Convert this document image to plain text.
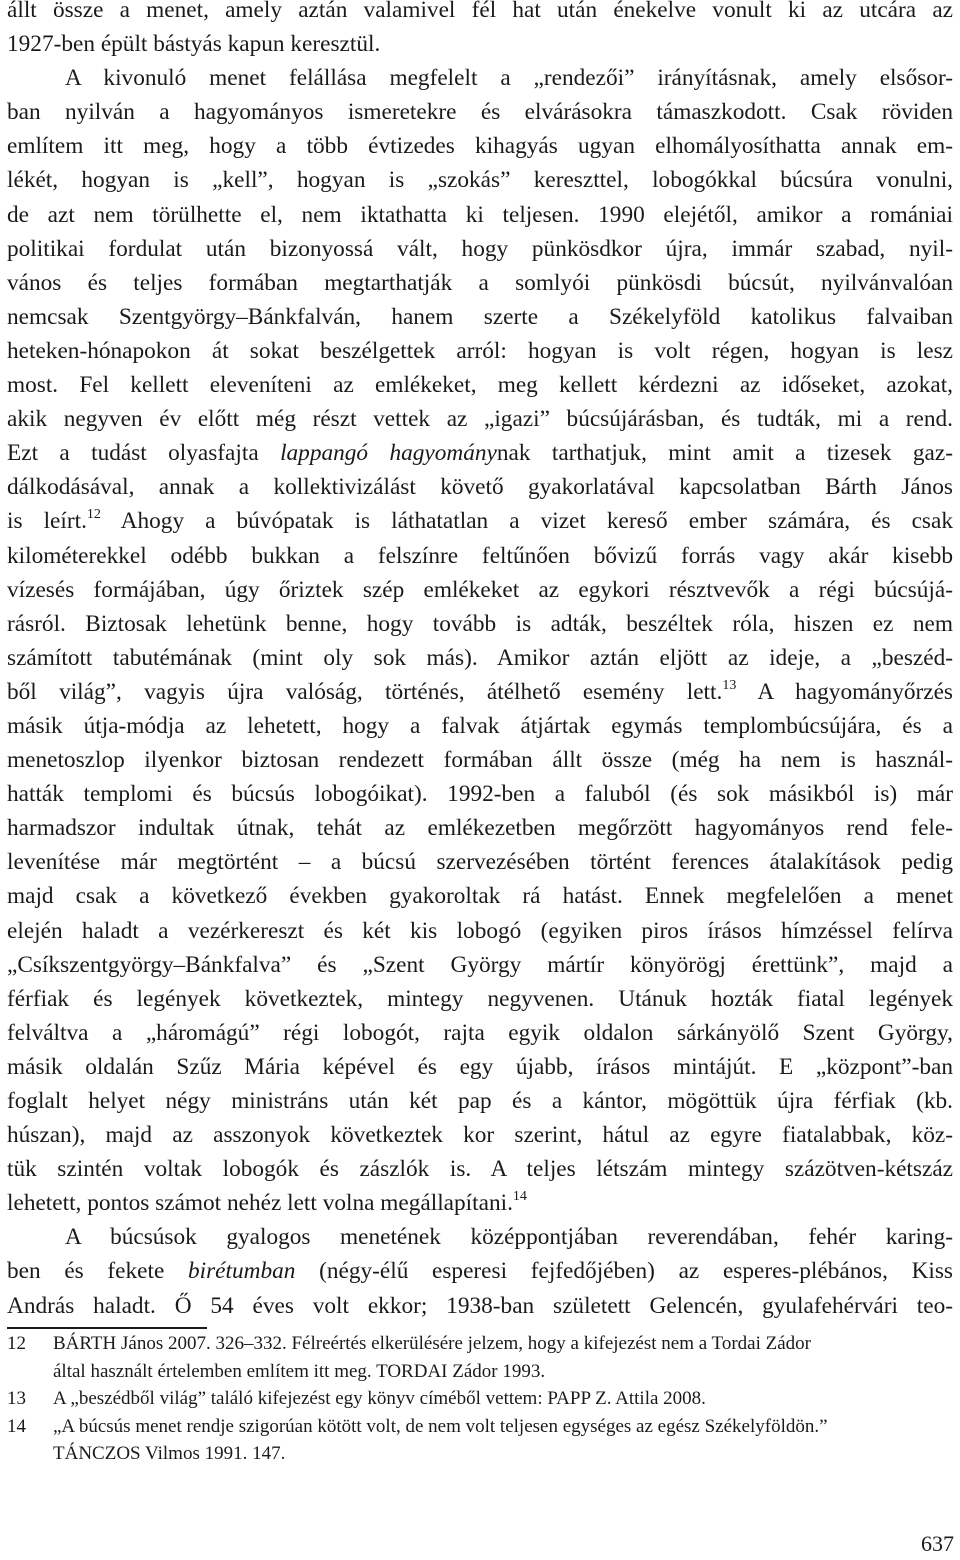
állt össze a menet, amely aztán valamivel fél hat után énekelve vonult ki az utcára az
1927-ben épült bástyás kapun keresztül.
A kivonuló menet felállása megfelelt a „rendezői” irányításnak, amely elsősor-
ban nyilván a hagyományos ismeretekre és elvárásokra támaszkodott. Csak röviden
említem itt meg, hogy a több évtizedes kihagyás ugyan elhomályosíthatta annak em-
lékét, hogyan is „kell”, hogyan is „szokás” kereszttel, lobogókkal búcsúra vonulni,
de azt nem törülhette el, nem iktathatta ki teljesen. 1990 elejétől, amikor a romániai
politikai fordulat után bizonyossá vált, hogy pünkösdkor újra, immár szabad, nyil-
vános és teljes formában megtarthatják a somlyói pünkösdi búcsút, nyilvánvalóan
nemcsak Szentgyörgy–Bánkfalván, hanem szerte a Székelyföld katolikus falvaiban
heteken-hónapokon át sokat beszélgettek arról: hogyan is volt régen, hogyan is lesz
most. Fel kellett eleveníteni az emlékeket, meg kellett kérdezni az időseket, azokat,
akik negyven év előtt még részt vettek az „igazi” búcsújárásban, és tudták, mi a rend.
Ezt a tudást olyasfajta lappangó hagyománynak tarthatjuk, mint amit a tizesek gaz-
dálkodásával, annak a kollektivizálást követő gyakorlatával kapcsolatban Bárth János
is leírt.$^{12}$ Ahogy a búvópatak is láthatatlan a vizet kereső ember számára, és csak
kilométerekkel odébb bukkan a felszínre feltűnően bővizű forrás vagy akár kisebb
vízesés formájában, úgy őriztek szép emlékeket az egykori résztvevők a régi búcsújá-
rásról. Biztosak lehetünk benne, hogy tovább is adták, beszéltek róla, hiszen ez nem
számított tabutémának (mint oly sok más). Amikor aztán eljött az ideje, a „beszéd-
ből világ”, vagyis újra valóság, történés, átélhető esemény lett.$^{13}$ A hagyományőrzés
másik útja-módja az lehetett, hogy a falvak átjártak egymás templombúcsújára, és a
menetoszlop ilyenkor biztosan rendezett formában állt össze (még ha nem is használ-
hatták templomi és búcsús lobogóikat). 1992-ben a faluból (és sok másikból is) már
harmadszor indultak útnak, tehát az emlékezetben megőrzött hagyományos rend fele-
levenítése már megtörtént – a búcsú szervezésében történt ferences átalakítások pedig
majd csak a következő években gyakoroltak rá hatást. Ennek megfelelően a menet
elején haladt a vezérkereszt és két kis lobogó (egyiken piros írásos hímzéssel felírva
„Csíkszentgyörgy–Bánkfalva” és „Szent György mártír könyörögj érettünk”, majd a
férfiak és legények következtek, mintegy negyvenen. Utánuk hozták fiatal legények
felváltva a „háromágú” régi lobogót, rajta egyik oldalon sárkányölő Szent György,
másik oldalán Szűz Mária képével és egy újabb, írásos mintájút. E „központ”-ban
foglalt helyet négy ministráns után két pap és a kántor, mögöttük újra férfiak (kb.
húszan), majd az asszonyok következtek kor szerint, hátul az egyre fiatalabbak, köz-
tük szintén voltak lobogók és zászlók is. A teljes létszám mintegy százötven-kétszáz
lehetett, pontos számot nehéz lett volna megállapítani.$^{14}$
A búcsúsok gyalogos menetének középpontjában reverendában, fehér karing-
ben és fekete birétumban (négy-élű esperesi fejfedőjében) az esperes-plébános, Kiss
András haladt. Ő 54 éves volt ekkor; 1938-ban született Gelencén, gyulafehérvári teo-
12 BÁRTH János 2007. 326–332. Félreértés elkerülésére jelzem, hogy a kifejezést nem a Tordai Zádor
által használt értelemben említem itt meg. TORDAI Zádor 1993.
13 A „beszédből világ” találó kifejezést egy könyv címéből vettem: PAPP Z. Attila 2008.
14 „A búcsús menet rendje szigorúan kötött volt, de nem volt teljesen egységes az egész Székelyföldön.”
TÁNCZOS Vilmos 1991. 147.
637
